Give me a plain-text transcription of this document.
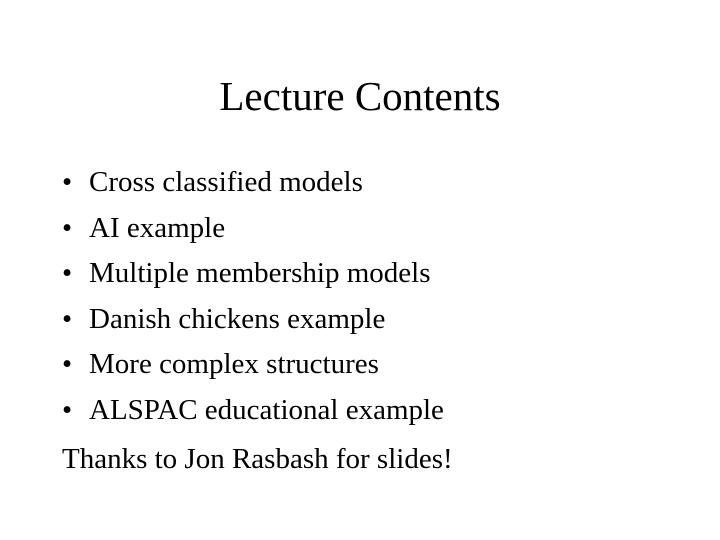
Lecture Contents
• Cross classified models
• AI example
• Multiple membership models
• Danish chickens example
• More complex structures
• ALSPAC educational example
Thanks to Jon Rasbash for slides!
